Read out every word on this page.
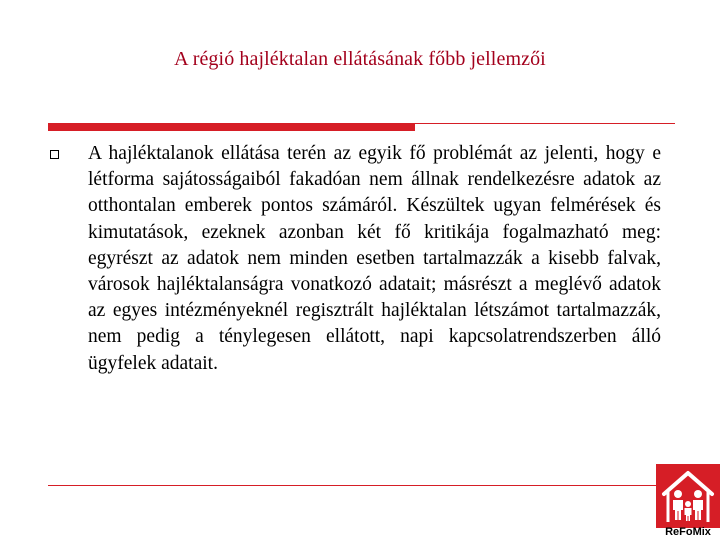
A régió hajléktalan ellátásának főbb jellemzői

A hajléktalanok ellátása terén az egyik fő problémát az jelenti, hogy e létforma sajátosságaiból fakadóan nem állnak rendelkezésre adatok az otthontalan emberek pontos számáról. Készültek ugyan felmérések és kimutatások, ezeknek azonban két fő kritikája fogalmazható meg: egyrészt az adatok nem minden esetben tartalmazzák a kisebb falvak, városok hajléktalanságra vonatkozó adatait; másrészt a meglévő adatok az egyes intézményeknél regisztrált hajléktalan létszámot tartalmazzák, nem pedig a ténylegesen ellátott, napi kapcsolatrendszerben álló ügyfelek adatait.

ReFoMix
